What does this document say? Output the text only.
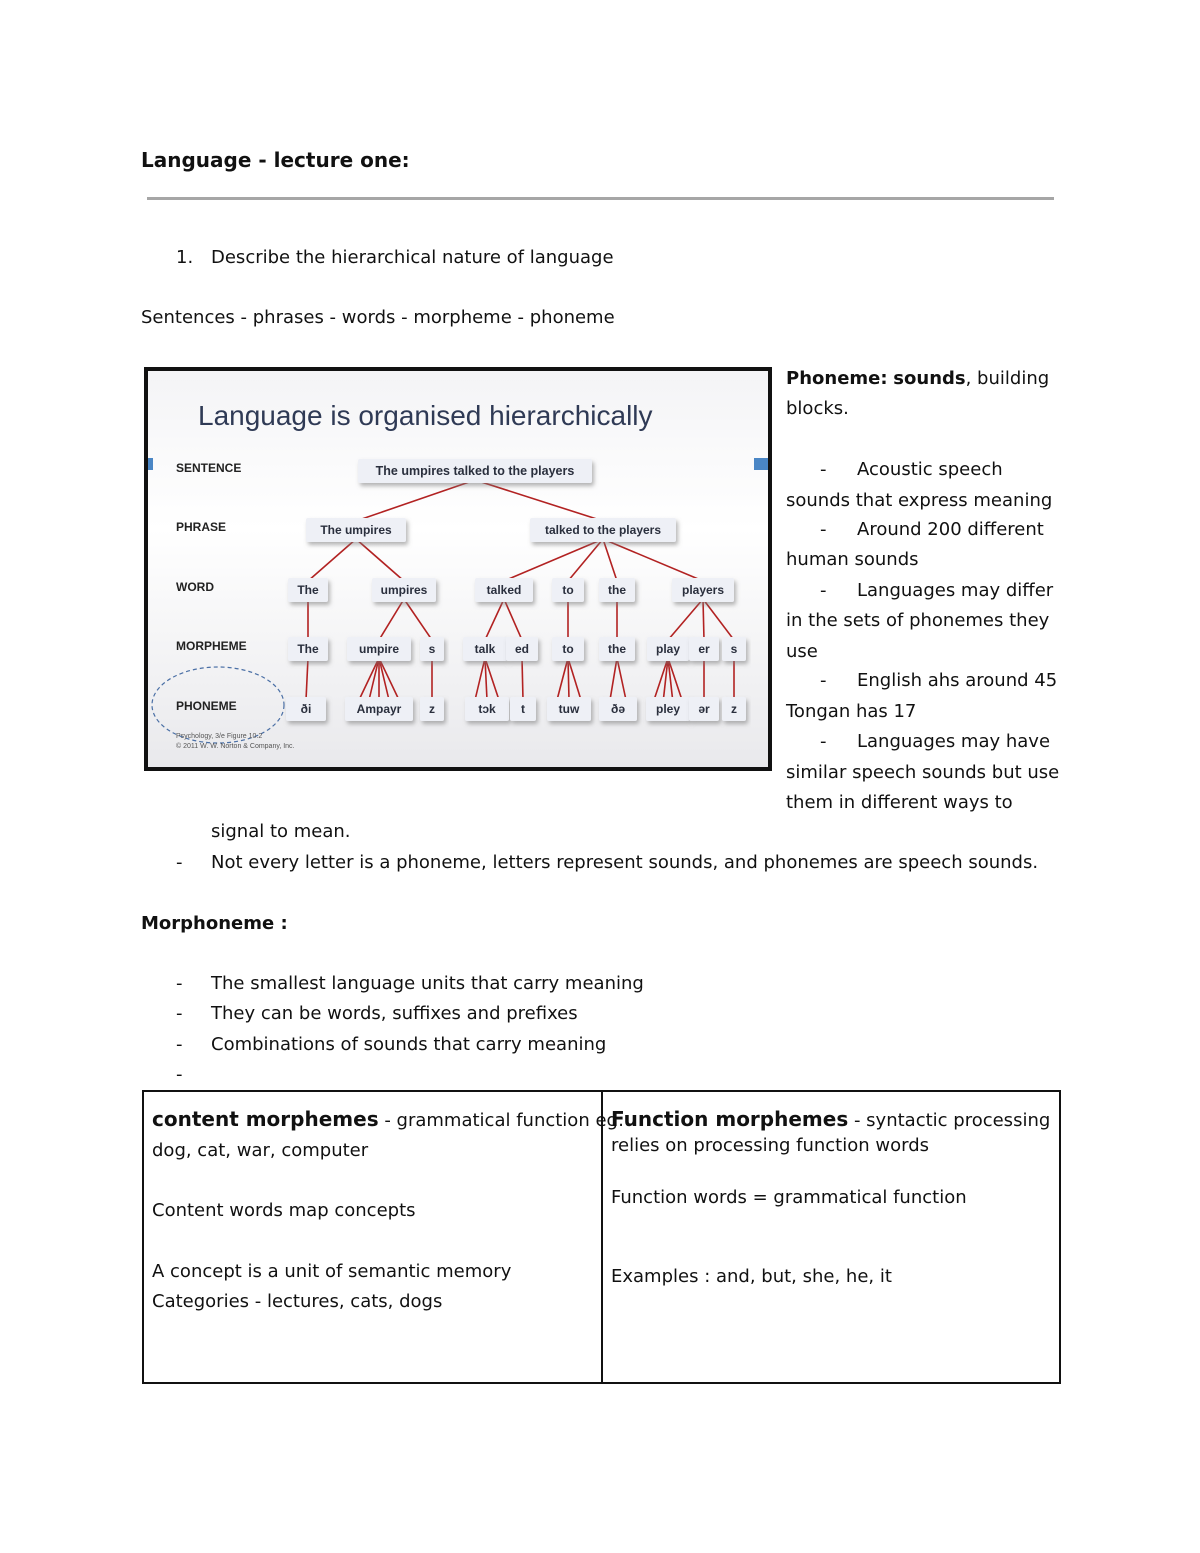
Language - lecture one:
1. Describe the hierarchical nature of language
Sentences - phrases - words - morpheme - phoneme
The umpires talked to the players
The umpires	talked to the players
The	umpires	talked	to	the	players
The	umpire s	talk ed	to	the play er s
ði	Ampayr z	tɔk t	tuw	ðə	pley ər z
Language is organised hierarchically
SENTENCE
PHRASE
WORD
MORPHEME
PHONEME
Psychology, 3/e Figure 10.2
© 2011 W. W. Norton & Company, Inc.
Phoneme: sounds, building
blocks.
- Acoustic speech
sounds that express meaning
- Around 200 different
human sounds
- Languages may differ
in the sets of phonemes they
use
- English ahs around 45
Tongan has 17
- Languages may have
similar speech sounds but use
them in different ways to
signal to mean.
- Not every letter is a phoneme, letters represent sounds, and phonemes are speech sounds.
Morphoneme :
- The smallest language units that carry meaning
- They can be words, suffixes and prefixes
- Combinations of sounds that carry meaning
-
content morphemes - grammatical function eg:
dog, cat, war, computer
Content words map concepts
A concept is a unit of semantic memory
Categories - lectures, cats, dogs
Function morphemes - syntactic processing
relies on processing function words
Function words = grammatical function
Examples : and, but, she, he, it
